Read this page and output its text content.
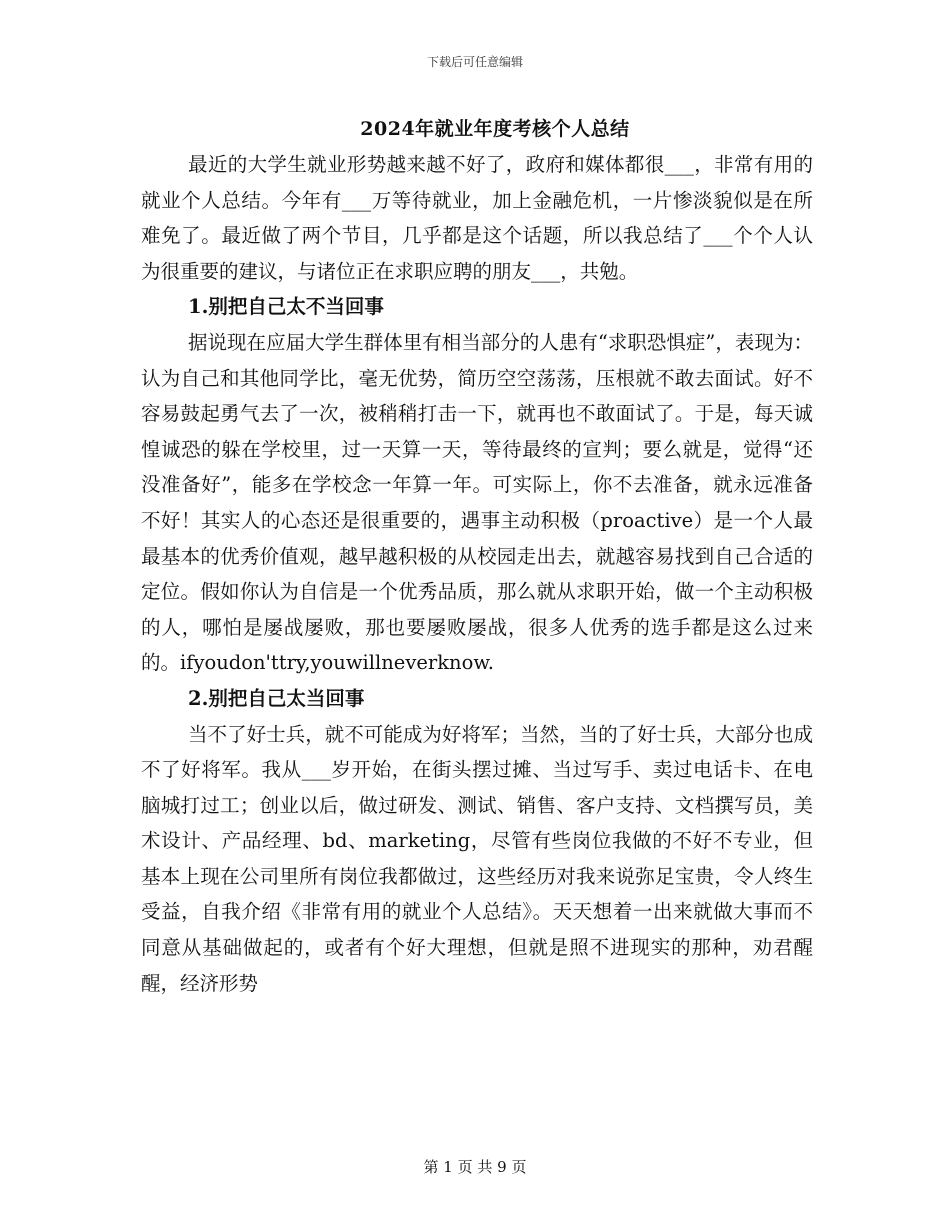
下载后可任意编辑
2024年就业年度考核个人总结

最近的大学生就业形势越来越不好了，政府和媒体都很___，非常有用的就业个人总结。今年有___万等待就业，加上金融危机，一片惨淡貌似是在所难免了。最近做了两个节目，几乎都是这个话题，所以我总结了___个个人认为很重要的建议，与诸位正在求职应聘的朋友___，共勉。

1.别把自己太不当回事

据说现在应届大学生群体里有相当部分的人患有“求职恐惧症”，表现为：认为自己和其他同学比，毫无优势，简历空空荡荡，压根就不敢去面试。好不容易鼓起勇气去了一次，被稍稍打击一下，就再也不敢面试了。于是，每天诚惶诚恐的躲在学校里，过一天算一天，等待最终的宣判；要么就是，觉得“还没准备好”，能多在学校念一年算一年。可实际上，你不去准备，就永远准备不好！其实人的心态还是很重要的，遇事主动积极（proactive）是一个人最最基本的优秀价值观，越早越积极的从校园走出去，就越容易找到自己合适的定位。假如你认为自信是一个优秀品质，那么就从求职开始，做一个主动积极的人，哪怕是屡战屡败，那也要屡败屡战，很多人优秀的选手都是这么过来的。ifyoudon'ttry,youwillneverknow.

2.别把自己太当回事

当不了好士兵，就不可能成为好将军；当然，当的了好士兵，大部分也成不了好将军。我从___岁开始，在街头摆过摊、当过写手、卖过电话卡、在电脑城打过工；创业以后，做过研发、测试、销售、客户支持、文档撰写员，美术设计、产品经理、bd、marketing，尽管有些岗位我做的不好不专业，但基本上现在公司里所有岗位我都做过，这些经历对我来说弥足宝贵，令人终生受益，自我介绍《非常有用的就业个人总结》。天天想着一出来就做大事而不同意从基础做起的，或者有个好大理想，但就是照不进现实的那种，劝君醒醒，经济形势

第 1 页 共 9 页
